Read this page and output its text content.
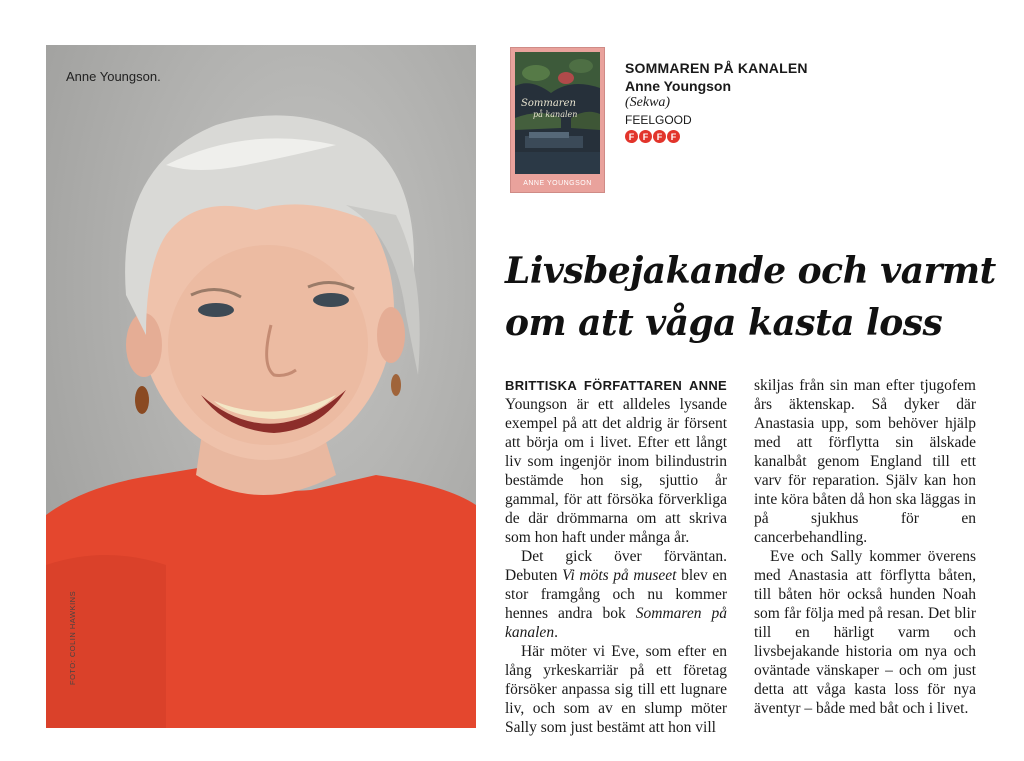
Anne Youngson.
FOTO: COLIN HAWKINS
Sommaren
på kanalen
ANNE YOUNGSON
SOMMAREN PÅ KANALEN
Anne Youngson
(Sekwa)
FEELGOOD
F F F F
Livsbejakande och varmt
om att våga kasta loss

BRITTISKA FÖRFATTAREN ANNE Youngson är ett alldeles lysande exempel på att det aldrig är försent att börja om i livet. Efter ett långt liv som ingenjör inom bilindustrin bestämde hon sig, sjuttio år gammal, för att försöka förverkliga de där drömmarna om att skriva som hon haft under många år.

Det gick över förväntan. Debuten Vi möts på museet blev en stor framgång och nu kommer hennes andra bok Sommaren på kanalen.

Här möter vi Eve, som efter en lång yrkeskarriär på ett företag försöker anpassa sig till ett lugnare liv, och som av en slump möter Sally som just bestämt att hon vill

skiljas från sin man efter tjugofem års äktenskap. Så dyker där Anastasia upp, som behöver hjälp med att förflytta sin älskade kanalbåt genom England till ett varv för reparation. Själv kan hon inte köra båten då hon ska läggas in på sjukhus för en cancerbehandling.

Eve och Sally kommer överens med Anastasia att förflytta båten, till båten hör också hunden Noah som får följa med på resan. Det blir till en härligt varm och livsbejakande historia om nya och oväntade vänskaper – och om just detta att våga kasta loss för nya äventyr – både med båt och i livet.
